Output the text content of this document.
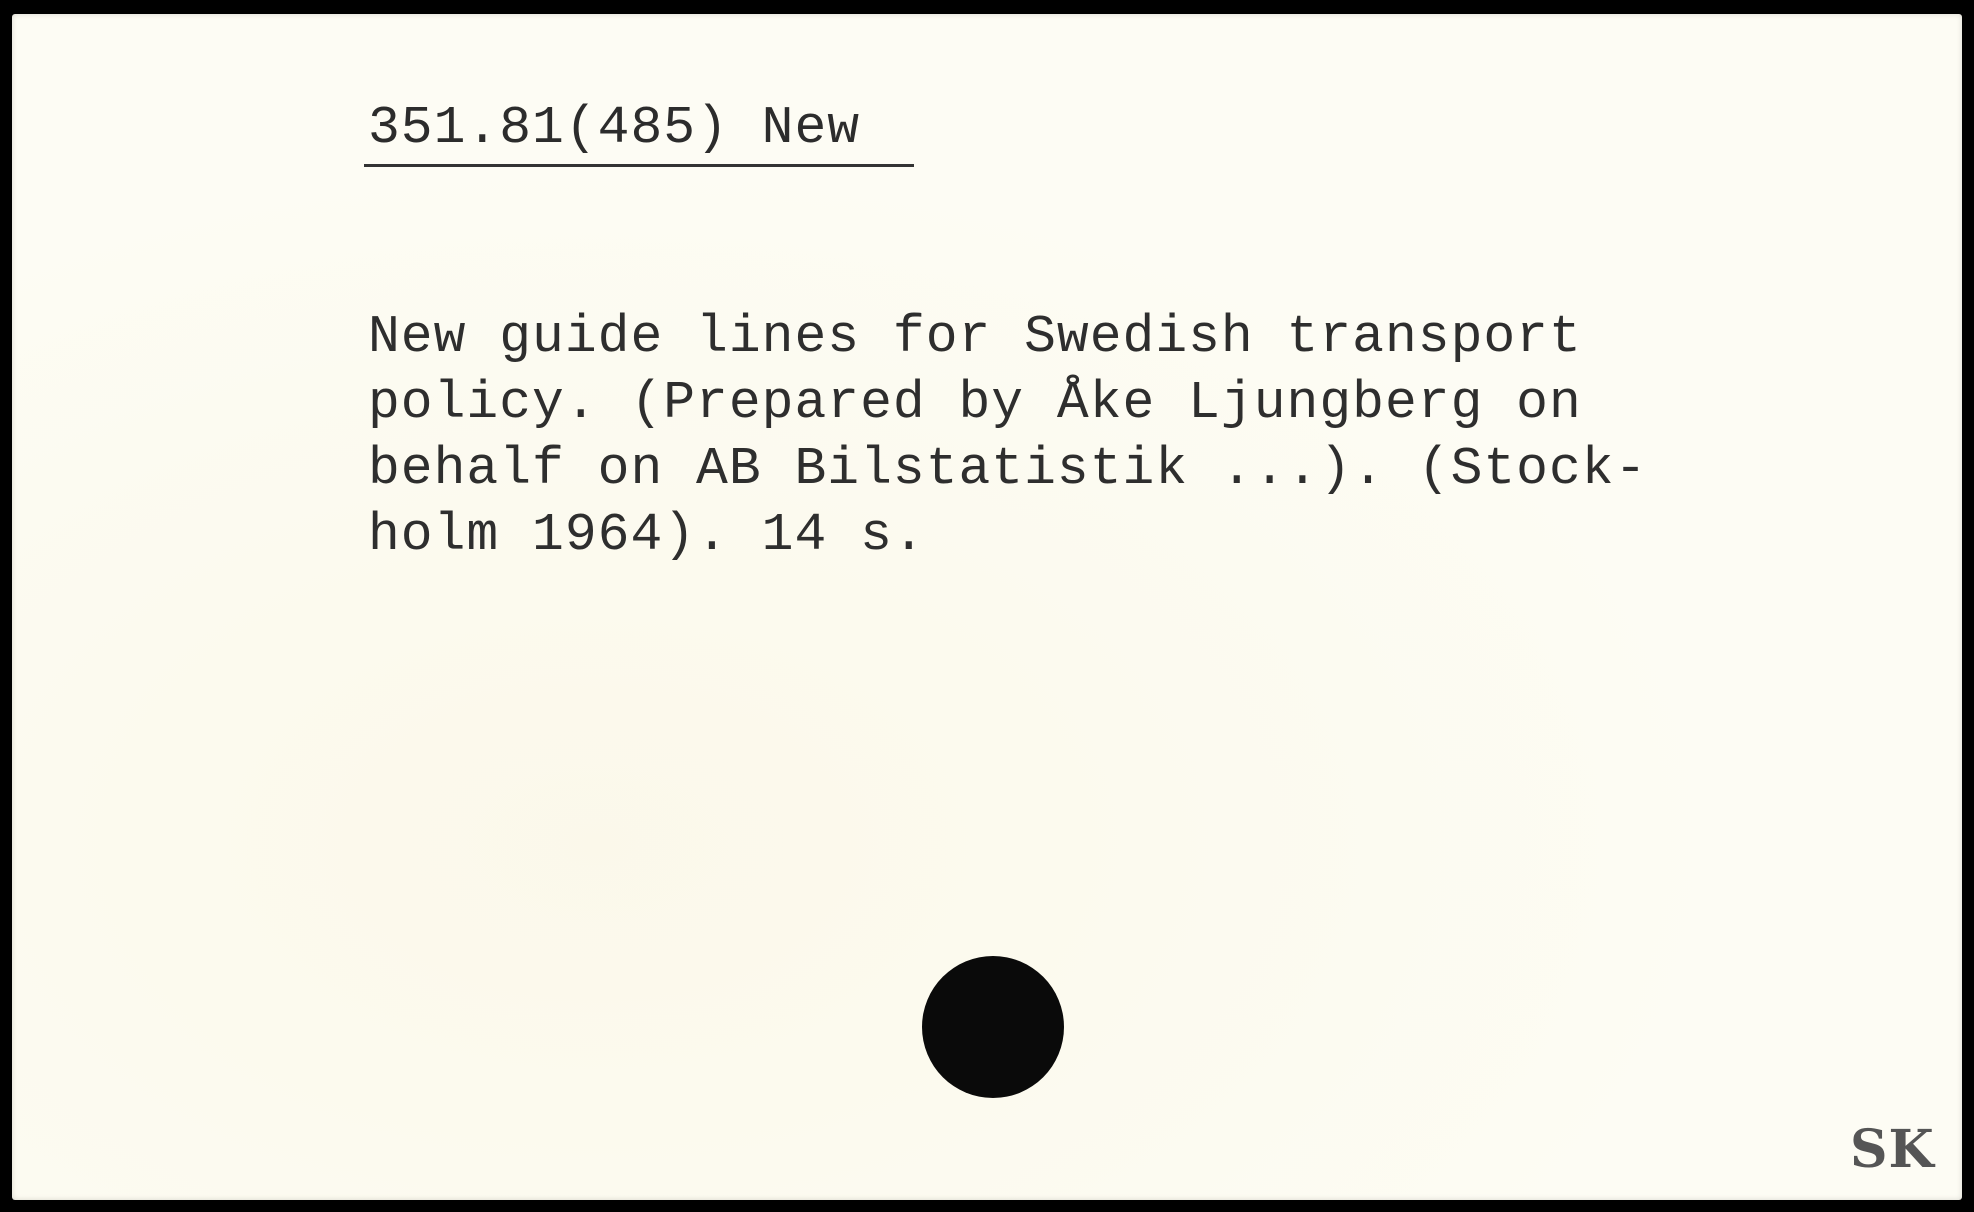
351.81(485) New
New guide lines for Swedish transport
policy. (Prepared by Åke Ljungberg on
behalf on AB Bilstatistik ...). (Stock-
holm 1964). 14 s.
SK
